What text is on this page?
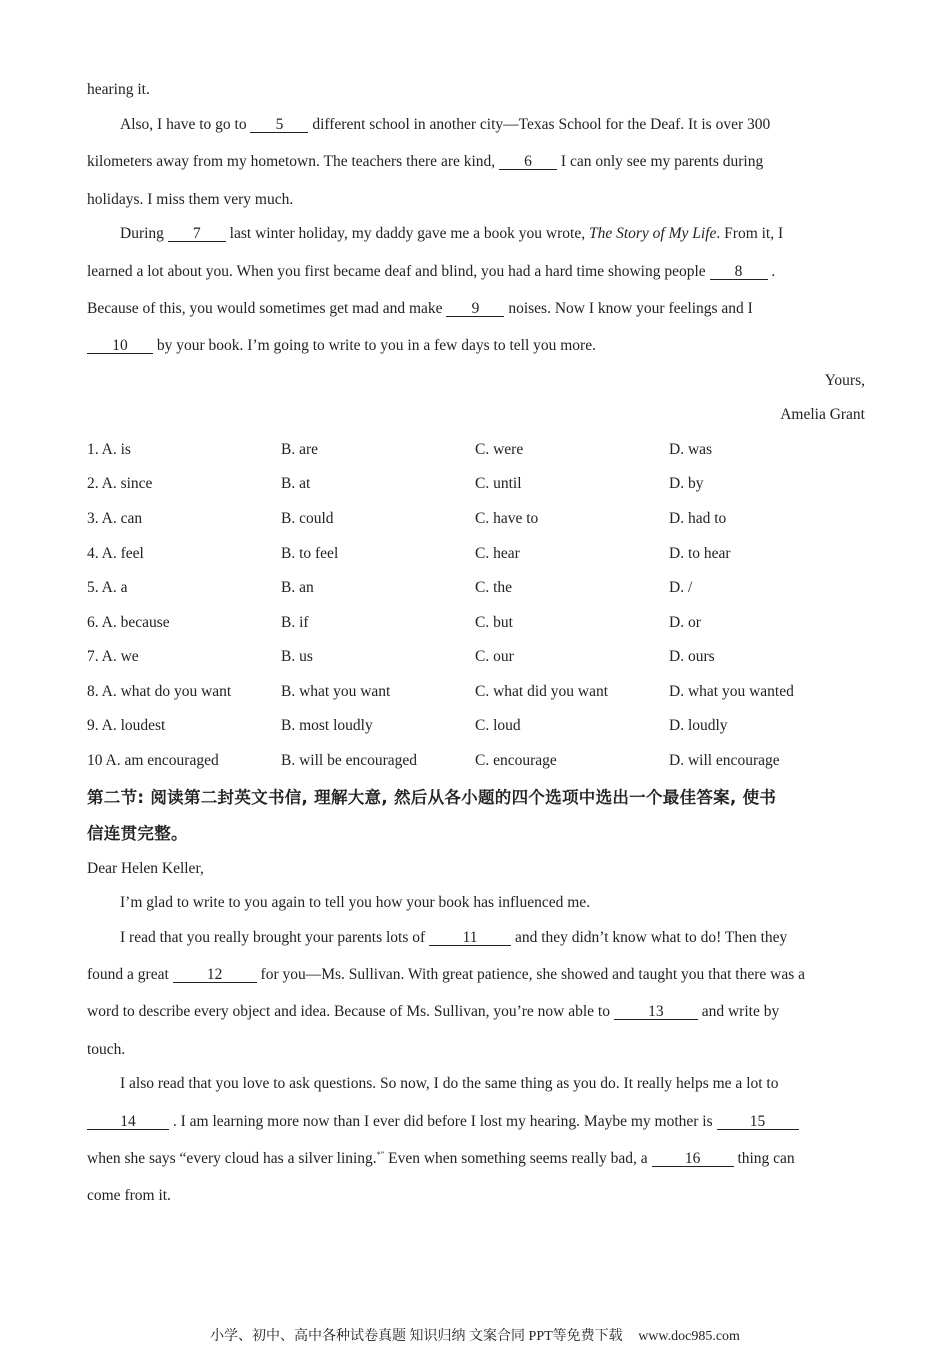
hearing it.

Also, I have to go to 5 different school in another city—Texas School for the Deaf. It is over 300

kilometers away from my hometown. The teachers there are kind, 6 I can only see my parents during

holidays. I miss them very much.

During 7 last winter holiday, my daddy gave me a book you wrote, The Story of My Life. From it, I

learned a lot about you. When you first became deaf and blind, you had a hard time showing people 8 .

Because of this, you would sometimes get mad and make 9 noises. Now I know your feelings and I

10 by your book. I’m going to write to you in a few days to tell you more.

Yours,

Amelia Grant

1. A. is	B. are	C. were	D. was
2. A. since	B. at	C. until	D. by
3. A. can	B. could	C. have to	D. had to
4. A. feel	B. to feel	C. hear	D. to hear
5. A. a	B. an	C. the	D. /
6. A. because	B. if	C. but	D. or
7. A. we	B. us	C. our	D. ours
8. A. what do you want	B. what you want	C. what did you want	D. what you wanted
9. A. loudest	B. most loudly	C. loud	D. loudly
10 A. am encouraged	B. will be encouraged	C. encourage	D. will encourage
第二节: 阅读第二封英文书信, 理解大意, 然后从各小题的四个选项中选出一个最佳答案, 使书
信连贯完整。

Dear Helen Keller,

I’m glad to write to you again to tell you how your book has influenced me.

I read that you really brought your parents lots of 11 and they didn’t know what to do! Then they

found a great 12 for you—Ms. Sullivan. With great patience, she showed and taught you that there was a

word to describe every object and idea. Because of Ms. Sullivan, you’re now able to 13 and write by

touch.

I also read that you love to ask questions. So now, I do the same thing as you do. It really helps me a lot to

14 . I am learning more now than I ever did before I lost my hearing. Maybe my mother is 15

when she says “every cloud has a silver lining.*” Even when something seems really bad, a 16 thing can

come from it.

小学、初中、高中各种试卷真题 知识归纳 文案合同 PPT等免费下载 www.doc985.com
